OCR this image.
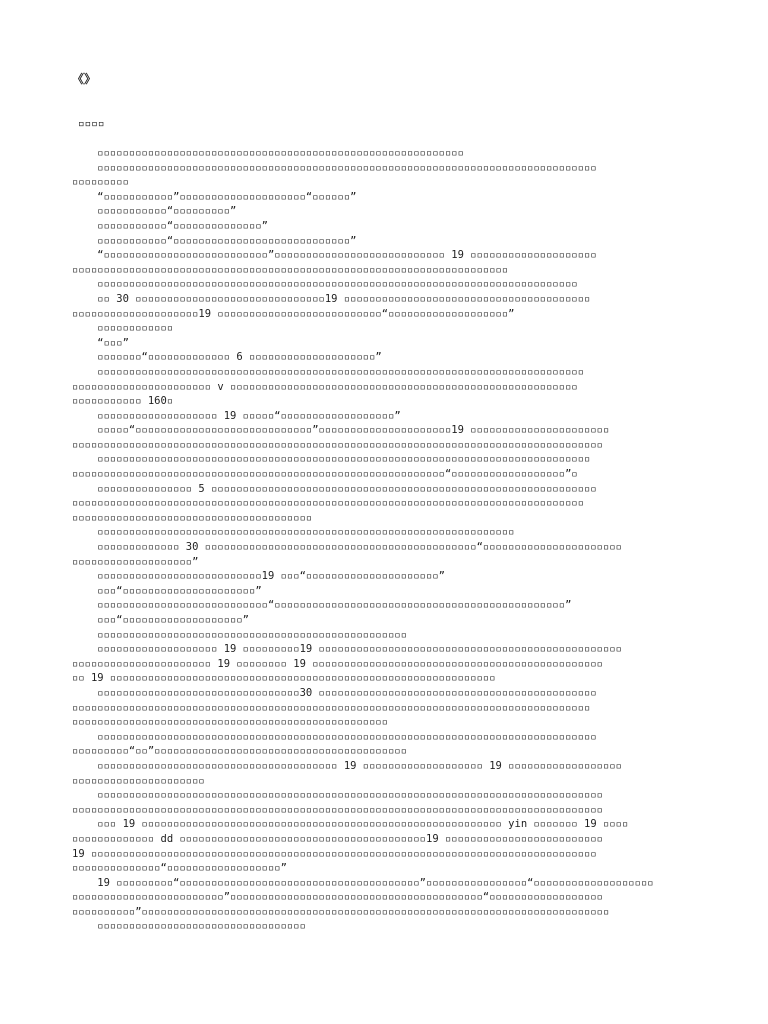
《》
▫▫▫▫
▫▫▫▫▫▫▫▫▫▫▫▫▫▫▫▫▫▫▫▫▫▫▫▫▫▫▫▫▫▫▫▫▫▫▫▫▫▫▫▫▫▫▫▫▫▫▫▫▫▫▫▫▫▫▫▫▫▫
▫▫▫▫▫▫▫▫▫▫▫▫▫▫▫▫▫▫▫▫▫▫▫▫▫▫▫▫▫▫▫▫▫▫▫▫▫▫▫▫▫▫▫▫▫▫▫▫▫▫▫▫▫▫▫▫▫▫▫▫▫▫▫▫▫▫▫▫▫▫▫▫▫▫▫▫▫▫▫
▫▫▫▫▫▫▫▫▫
“▫▫▫▫▫▫▫▫▫▫▫”▫▫▫▫▫▫▫▫▫▫▫▫▫▫▫▫▫▫▫▫“▫▫▫▫▫▫”
▫▫▫▫▫▫▫▫▫▫▫“▫▫▫▫▫▫▫▫▫”
▫▫▫▫▫▫▫▫▫▫▫“▫▫▫▫▫▫▫▫▫▫▫▫▫▫”
▫▫▫▫▫▫▫▫▫▫▫“▫▫▫▫▫▫▫▫▫▫▫▫▫▫▫▫▫▫▫▫▫▫▫▫▫▫▫▫”
“▫▫▫▫▫▫▫▫▫▫▫▫▫▫▫▫▫▫▫▫▫▫▫▫▫▫”▫▫▫▫▫▫▫▫▫▫▫▫▫▫▫▫▫▫▫▫▫▫▫▫▫▫▫ 19 ▫▫▫▫▫▫▫▫▫▫▫▫▫▫▫▫▫▫▫▫
▫▫▫▫▫▫▫▫▫▫▫▫▫▫▫▫▫▫▫▫▫▫▫▫▫▫▫▫▫▫▫▫▫▫▫▫▫▫▫▫▫▫▫▫▫▫▫▫▫▫▫▫▫▫▫▫▫▫▫▫▫▫▫▫▫▫▫▫▫
▫▫▫▫▫▫▫▫▫▫▫▫▫▫▫▫▫▫▫▫▫▫▫▫▫▫▫▫▫▫▫▫▫▫▫▫▫▫▫▫▫▫▫▫▫▫▫▫▫▫▫▫▫▫▫▫▫▫▫▫▫▫▫▫▫▫▫▫▫▫▫▫▫▫▫▫
▫▫ 30 ▫▫▫▫▫▫▫▫▫▫▫▫▫▫▫▫▫▫▫▫▫▫▫▫▫▫▫▫▫▫19 ▫▫▫▫▫▫▫▫▫▫▫▫▫▫▫▫▫▫▫▫▫▫▫▫▫▫▫▫▫▫▫▫▫▫▫▫▫▫▫
▫▫▫▫▫▫▫▫▫▫▫▫▫▫▫▫▫▫▫▫19 ▫▫▫▫▫▫▫▫▫▫▫▫▫▫▫▫▫▫▫▫▫▫▫▫▫▫“▫▫▫▫▫▫▫▫▫▫▫▫▫▫▫▫▫▫▫”
▫▫▫▫▫▫▫▫▫▫▫▫
“▫▫▫”
▫▫▫▫▫▫▫“▫▫▫▫▫▫▫▫▫▫▫▫▫ 6 ▫▫▫▫▫▫▫▫▫▫▫▫▫▫▫▫▫▫▫▫”
▫▫▫▫▫▫▫▫▫▫▫▫▫▫▫▫▫▫▫▫▫▫▫▫▫▫▫▫▫▫▫▫▫▫▫▫▫▫▫▫▫▫▫▫▫▫▫▫▫▫▫▫▫▫▫▫▫▫▫▫▫▫▫▫▫▫▫▫▫▫▫▫▫▫▫▫▫
▫▫▫▫▫▫▫▫▫▫▫▫▫▫▫▫▫▫▫▫▫▫ v ▫▫▫▫▫▫▫▫▫▫▫▫▫▫▫▫▫▫▫▫▫▫▫▫▫▫▫▫▫▫▫▫▫▫▫▫▫▫▫▫▫▫▫▫▫▫▫▫▫▫▫▫▫▫▫
▫▫▫▫▫▫▫▫▫▫▫ 160▫
▫▫▫▫▫▫▫▫▫▫▫▫▫▫▫▫▫▫▫ 19 ▫▫▫▫▫“▫▫▫▫▫▫▫▫▫▫▫▫▫▫▫▫▫▫”
▫▫▫▫▫“▫▫▫▫▫▫▫▫▫▫▫▫▫▫▫▫▫▫▫▫▫▫▫▫▫▫▫▫”▫▫▫▫▫▫▫▫▫▫▫▫▫▫▫▫▫▫▫▫▫19 ▫▫▫▫▫▫▫▫▫▫▫▫▫▫▫▫▫▫▫▫▫▫
▫▫▫▫▫▫▫▫▫▫▫▫▫▫▫▫▫▫▫▫▫▫▫▫▫▫▫▫▫▫▫▫▫▫▫▫▫▫▫▫▫▫▫▫▫▫▫▫▫▫▫▫▫▫▫▫▫▫▫▫▫▫▫▫▫▫▫▫▫▫▫▫▫▫▫▫▫▫▫▫▫▫▫▫
▫▫▫▫▫▫▫▫▫▫▫▫▫▫▫▫▫▫▫▫▫▫▫▫▫▫▫▫▫▫▫▫▫▫▫▫▫▫▫▫▫▫▫▫▫▫▫▫▫▫▫▫▫▫▫▫▫▫▫▫▫▫▫▫▫▫▫▫▫▫▫▫▫▫▫▫▫▫
▫▫▫▫▫▫▫▫▫▫▫▫▫▫▫▫▫▫▫▫▫▫▫▫▫▫▫▫▫▫▫▫▫▫▫▫▫▫▫▫▫▫▫▫▫▫▫▫▫▫▫▫▫▫▫▫▫▫▫“▫▫▫▫▫▫▫▫▫▫▫▫▫▫▫▫▫▫”▫
▫▫▫▫▫▫▫▫▫▫▫▫▫▫▫ 5 ▫▫▫▫▫▫▫▫▫▫▫▫▫▫▫▫▫▫▫▫▫▫▫▫▫▫▫▫▫▫▫▫▫▫▫▫▫▫▫▫▫▫▫▫▫▫▫▫▫▫▫▫▫▫▫▫▫▫▫▫▫
▫▫▫▫▫▫▫▫▫▫▫▫▫▫▫▫▫▫▫▫▫▫▫▫▫▫▫▫▫▫▫▫▫▫▫▫▫▫▫▫▫▫▫▫▫▫▫▫▫▫▫▫▫▫▫▫▫▫▫▫▫▫▫▫▫▫▫▫▫▫▫▫▫▫▫▫▫▫▫▫▫
▫▫▫▫▫▫▫▫▫▫▫▫▫▫▫▫▫▫▫▫▫▫▫▫▫▫▫▫▫▫▫▫▫▫▫▫▫▫
▫▫▫▫▫▫▫▫▫▫▫▫▫▫▫▫▫▫▫▫▫▫▫▫▫▫▫▫▫▫▫▫▫▫▫▫▫▫▫▫▫▫▫▫▫▫▫▫▫▫▫▫▫▫▫▫▫▫▫▫▫▫▫▫▫▫
▫▫▫▫▫▫▫▫▫▫▫▫▫ 30 ▫▫▫▫▫▫▫▫▫▫▫▫▫▫▫▫▫▫▫▫▫▫▫▫▫▫▫▫▫▫▫▫▫▫▫▫▫▫▫▫▫▫▫“▫▫▫▫▫▫▫▫▫▫▫▫▫▫▫▫▫▫▫▫▫▫
▫▫▫▫▫▫▫▫▫▫▫▫▫▫▫▫▫▫▫”
▫▫▫▫▫▫▫▫▫▫▫▫▫▫▫▫▫▫▫▫▫▫▫▫▫▫19 ▫▫▫“▫▫▫▫▫▫▫▫▫▫▫▫▫▫▫▫▫▫▫▫▫”
▫▫▫“▫▫▫▫▫▫▫▫▫▫▫▫▫▫▫▫▫▫▫▫▫”
▫▫▫▫▫▫▫▫▫▫▫▫▫▫▫▫▫▫▫▫▫▫▫▫▫▫▫“▫▫▫▫▫▫▫▫▫▫▫▫▫▫▫▫▫▫▫▫▫▫▫▫▫▫▫▫▫▫▫▫▫▫▫▫▫▫▫▫▫▫▫▫▫▫”
▫▫▫“▫▫▫▫▫▫▫▫▫▫▫▫▫▫▫▫▫▫▫”
▫▫▫▫▫▫▫▫▫▫▫▫▫▫▫▫▫▫▫▫▫▫▫▫▫▫▫▫▫▫▫▫▫▫▫▫▫▫▫▫▫▫▫▫▫▫▫▫▫
▫▫▫▫▫▫▫▫▫▫▫▫▫▫▫▫▫▫▫ 19 ▫▫▫▫▫▫▫▫▫19 ▫▫▫▫▫▫▫▫▫▫▫▫▫▫▫▫▫▫▫▫▫▫▫▫▫▫▫▫▫▫▫▫▫▫▫▫▫▫▫▫▫▫▫▫▫▫▫▫
▫▫▫▫▫▫▫▫▫▫▫▫▫▫▫▫▫▫▫▫▫▫ 19 ▫▫▫▫▫▫▫▫ 19 ▫▫▫▫▫▫▫▫▫▫▫▫▫▫▫▫▫▫▫▫▫▫▫▫▫▫▫▫▫▫▫▫▫▫▫▫▫▫▫▫▫▫▫▫▫▫
▫▫ 19 ▫▫▫▫▫▫▫▫▫▫▫▫▫▫▫▫▫▫▫▫▫▫▫▫▫▫▫▫▫▫▫▫▫▫▫▫▫▫▫▫▫▫▫▫▫▫▫▫▫▫▫▫▫▫▫▫▫▫▫▫▫
▫▫▫▫▫▫▫▫▫▫▫▫▫▫▫▫▫▫▫▫▫▫▫▫▫▫▫▫▫▫▫▫30 ▫▫▫▫▫▫▫▫▫▫▫▫▫▫▫▫▫▫▫▫▫▫▫▫▫▫▫▫▫▫▫▫▫▫▫▫▫▫▫▫▫▫▫▫
▫▫▫▫▫▫▫▫▫▫▫▫▫▫▫▫▫▫▫▫▫▫▫▫▫▫▫▫▫▫▫▫▫▫▫▫▫▫▫▫▫▫▫▫▫▫▫▫▫▫▫▫▫▫▫▫▫▫▫▫▫▫▫▫▫▫▫▫▫▫▫▫▫▫▫▫▫▫▫▫▫▫
▫▫▫▫▫▫▫▫▫▫▫▫▫▫▫▫▫▫▫▫▫▫▫▫▫▫▫▫▫▫▫▫▫▫▫▫▫▫▫▫▫▫▫▫▫▫▫▫▫▫
▫▫▫▫▫▫▫▫▫▫▫▫▫▫▫▫▫▫▫▫▫▫▫▫▫▫▫▫▫▫▫▫▫▫▫▫▫▫▫▫▫▫▫▫▫▫▫▫▫▫▫▫▫▫▫▫▫▫▫▫▫▫▫▫▫▫▫▫▫▫▫▫▫▫▫▫▫▫▫
▫▫▫▫▫▫▫▫▫“▫▫”▫▫▫▫▫▫▫▫▫▫▫▫▫▫▫▫▫▫▫▫▫▫▫▫▫▫▫▫▫▫▫▫▫▫▫▫▫▫▫▫
▫▫▫▫▫▫▫▫▫▫▫▫▫▫▫▫▫▫▫▫▫▫▫▫▫▫▫▫▫▫▫▫▫▫▫▫▫▫ 19 ▫▫▫▫▫▫▫▫▫▫▫▫▫▫▫▫▫▫▫ 19 ▫▫▫▫▫▫▫▫▫▫▫▫▫▫▫▫▫▫
▫▫▫▫▫▫▫▫▫▫▫▫▫▫▫▫▫▫▫▫▫
▫▫▫▫▫▫▫▫▫▫▫▫▫▫▫▫▫▫▫▫▫▫▫▫▫▫▫▫▫▫▫▫▫▫▫▫▫▫▫▫▫▫▫▫▫▫▫▫▫▫▫▫▫▫▫▫▫▫▫▫▫▫▫▫▫▫▫▫▫▫▫▫▫▫▫▫▫▫▫▫
▫▫▫▫▫▫▫▫▫▫▫▫▫▫▫▫▫▫▫▫▫▫▫▫▫▫▫▫▫▫▫▫▫▫▫▫▫▫▫▫▫▫▫▫▫▫▫▫▫▫▫▫▫▫▫▫▫▫▫▫▫▫▫▫▫▫▫▫▫▫▫▫▫▫▫▫▫▫▫▫▫▫▫▫
▫▫▫ 19 ▫▫▫▫▫▫▫▫▫▫▫▫▫▫▫▫▫▫▫▫▫▫▫▫▫▫▫▫▫▫▫▫▫▫▫▫▫▫▫▫▫▫▫▫▫▫▫▫▫▫▫▫▫▫▫▫▫ yin ▫▫▫▫▫▫▫ 19 ▫▫▫▫
▫▫▫▫▫▫▫▫▫▫▫▫▫ dd ▫▫▫▫▫▫▫▫▫▫▫▫▫▫▫▫▫▫▫▫▫▫▫▫▫▫▫▫▫▫▫▫▫▫▫▫▫▫▫19 ▫▫▫▫▫▫▫▫▫▫▫▫▫▫▫▫▫▫▫▫▫▫▫▫▫
19 ▫▫▫▫▫▫▫▫▫▫▫▫▫▫▫▫▫▫▫▫▫▫▫▫▫▫▫▫▫▫▫▫▫▫▫▫▫▫▫▫▫▫▫▫▫▫▫▫▫▫▫▫▫▫▫▫▫▫▫▫▫▫▫▫▫▫▫▫▫▫▫▫▫▫▫▫▫▫▫▫
▫▫▫▫▫▫▫▫▫▫▫▫▫▫“▫▫▫▫▫▫▫▫▫▫▫▫▫▫▫▫▫▫”
19 ▫▫▫▫▫▫▫▫▫“▫▫▫▫▫▫▫▫▫▫▫▫▫▫▫▫▫▫▫▫▫▫▫▫▫▫▫▫▫▫▫▫▫▫▫▫▫▫”▫▫▫▫▫▫▫▫▫▫▫▫▫▫▫▫“▫▫▫▫▫▫▫▫▫▫▫▫▫▫▫▫▫▫▫
▫▫▫▫▫▫▫▫▫▫▫▫▫▫▫▫▫▫▫▫▫▫▫▫”▫▫▫▫▫▫▫▫▫▫▫▫▫▫▫▫▫▫▫▫▫▫▫▫▫▫▫▫▫▫▫▫▫▫▫▫▫▫▫▫“▫▫▫▫▫▫▫▫▫▫▫▫▫▫▫▫▫▫
▫▫▫▫▫▫▫▫▫▫”▫▫▫▫▫▫▫▫▫▫▫▫▫▫▫▫▫▫▫▫▫▫▫▫▫▫▫▫▫▫▫▫▫▫▫▫▫▫▫▫▫▫▫▫▫▫▫▫▫▫▫▫▫▫▫▫▫▫▫▫▫▫▫▫▫▫▫▫▫▫▫▫▫▫
▫▫▫▫▫▫▫▫▫▫▫▫▫▫▫▫▫▫▫▫▫▫▫▫▫▫▫▫▫▫▫▫▫
